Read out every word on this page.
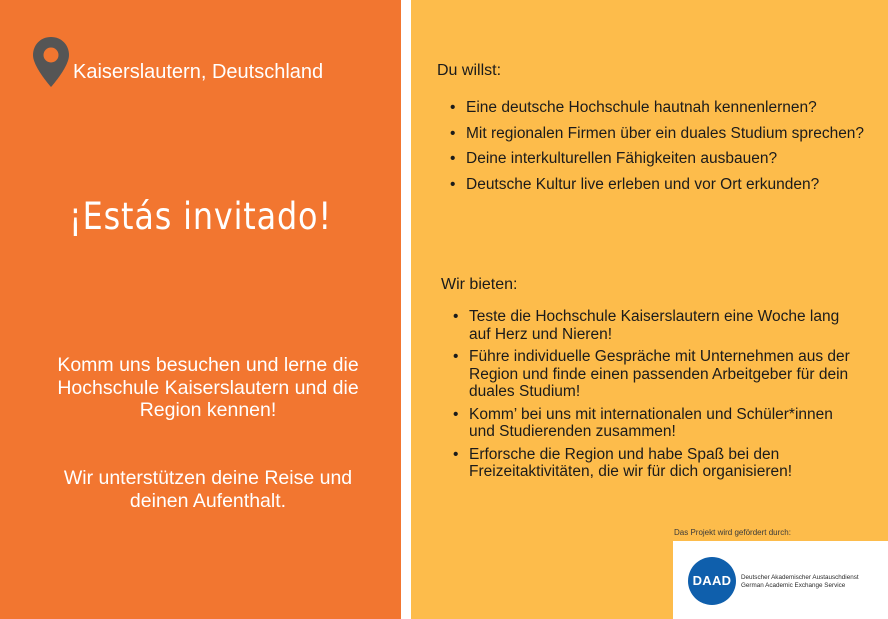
Kaiserslautern, Deutschland
¡Estás invitado!
Komm uns besuchen und lerne die Hochschule Kaiserslautern und die Region kennen!
Wir unterstützen deine Reise und deinen Aufenthalt.
Du willst:
• Eine deutsche Hochschule hautnah kennenlernen?
• Mit regionalen Firmen über ein duales Studium sprechen?
• Deine interkulturellen Fähigkeiten ausbauen?
• Deutsche Kultur live erleben und vor Ort erkunden?
Wir bieten:
• Teste die Hochschule Kaiserslautern eine Woche lang auf Herz und Nieren!
• Führe individuelle Gespräche mit Unternehmen aus der Region und finde einen passenden Arbeitgeber für dein duales Studium!
• Komm’ bei uns mit internationalen und Schüler*innen und Studierenden zusammen!
• Erforsche die Region und habe Spaß bei den Freizeitaktivitäten, die wir für dich organisieren!
Das Projekt wird gefördert durch:
DAAD	Deutscher Akademischer Austauschdienst
German Academic Exchange Service
